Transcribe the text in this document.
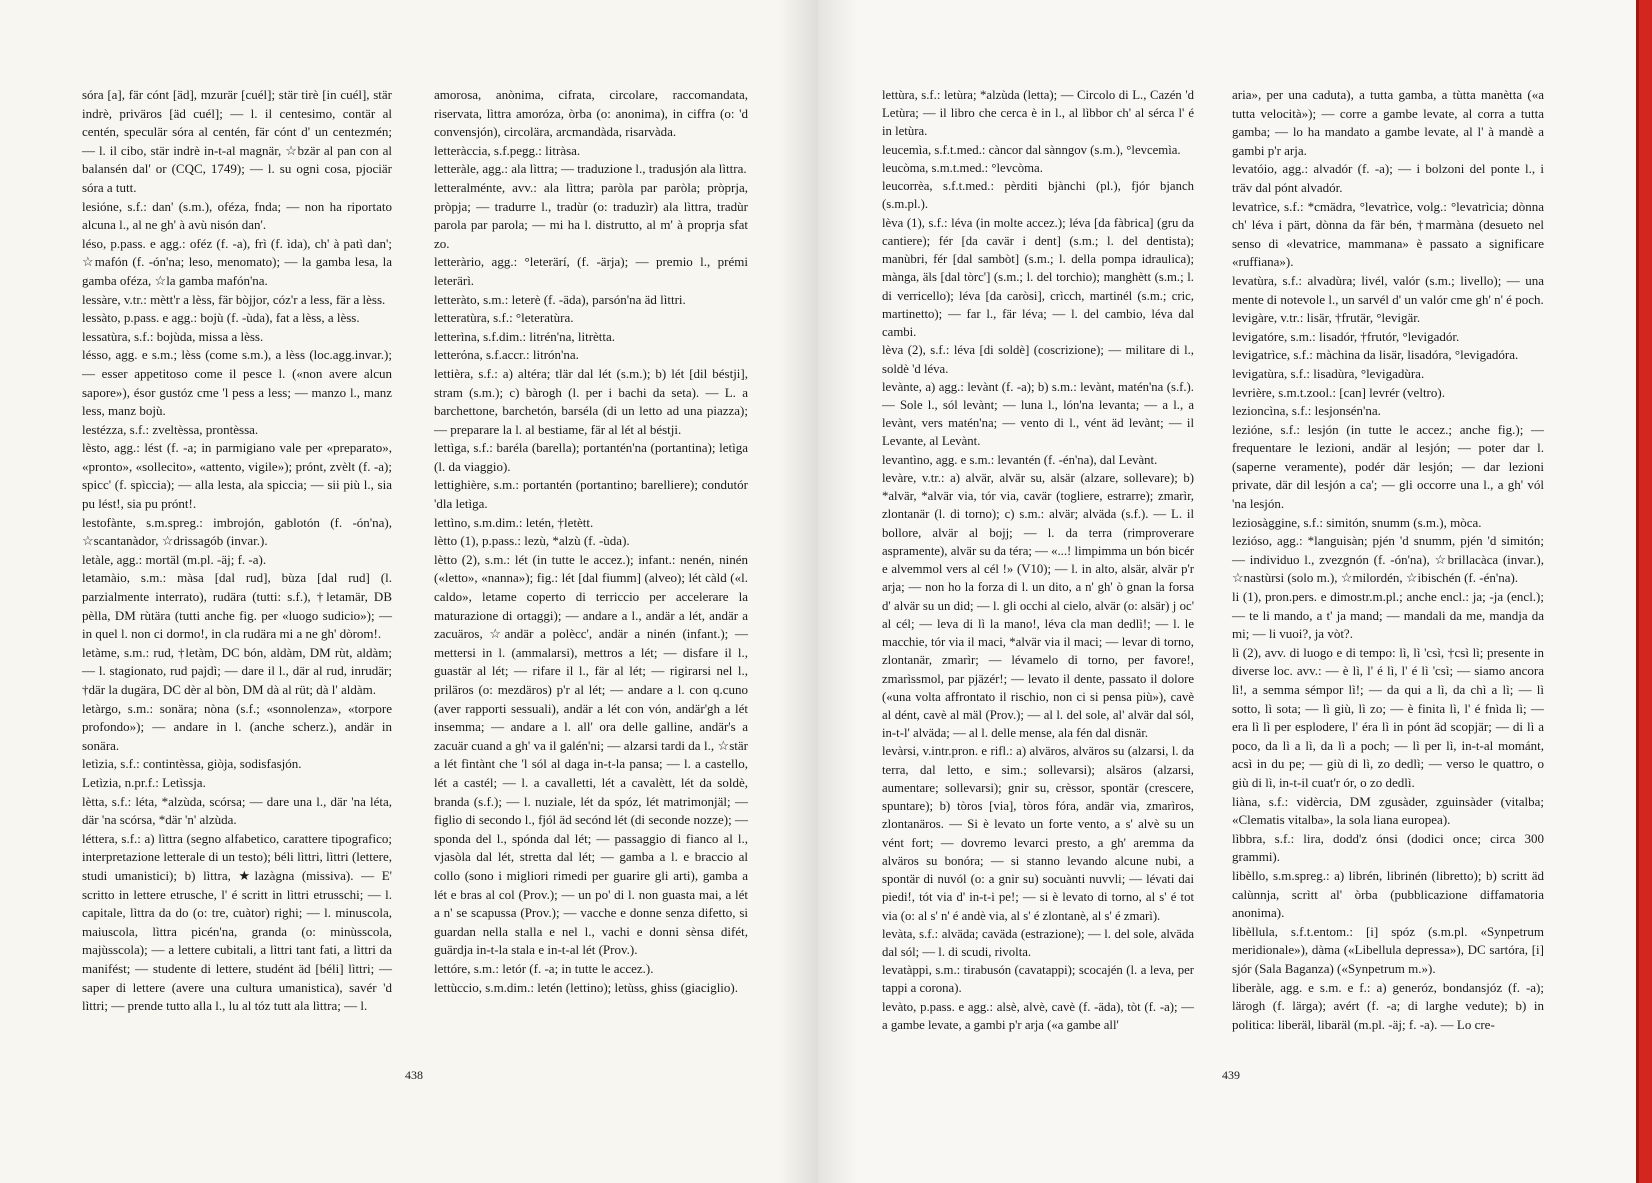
sóra [a], fär cónt [äd], mzurär [cuél]; stär tirè [in cuél], stär indrè, priväros [äd cuél]; — l. il centesimo, contär al centén, speculär sóra al centén, fär cónt d' un centezmén; — l. il cibo, stär indrè in-t-al magnär, ☆bzär al pan con al balansén dal' or (CQC, 1749); — l. su ogni cosa, pjociär sóra a tutt.

lesióne, s.f.: dan' (s.m.), oféza, fnda; — non ha riportato alcuna l., al ne gh' à avù nisón dan'.

léso, p.pass. e agg.: oféz (f. -a), frì (f. ìda), ch' à patì dan'; ☆mafón (f. -ón'na; leso, menomato); — la gamba lesa, la gamba oféza, ☆la gamba mafón'na.

lessàre, v.tr.: mètt'r a lèss, fär bòjjor, cóz'r a less, fär a lèss.

lessàto, p.pass. e agg.: bojù (f. -ùda), fat a lèss, a lèss.

lessatùra, s.f.: bojùda, missa a lèss.

lésso, agg. e s.m.; lèss (come s.m.), a lèss (loc.agg.invar.); — esser appetitoso come il pesce l. («non avere alcun sapore»), ésor gustóz cme 'l pess a less; — manzo l., manz less, manz bojù.

lestézza, s.f.: zveltèssa, prontèssa.

lèsto, agg.: lést (f. -a; in parmigiano vale per «preparato», «pronto», «sollecito», «attento, vigile»); prónt, zvèlt (f. -a); spicc' (f. spìccia); — alla lesta, ala spiccia; — sii più l., sia pu lést!, sia pu prónt!.

lestofànte, s.m.spreg.: imbrojón, gablotón (f. -ón'na), ☆scantanàdor, ☆drissagób (invar.).

letàle, agg.: mortäl (m.pl. -äj; f. -a).

letamàio, s.m.: màsa [dal rud], bùza [dal rud] (l. parzialmente interrato), rudära (tutti: s.f.), †letamär, DB pèlla, DM rùtära (tutti anche fig. per «luogo sudicio»); — in quel l. non ci dormo!, in cla rudära mi a ne gh' dòrom!.

letàme, s.m.: rud, †letàm, DC bón, aldàm, DM rùt, aldàm; — l. stagionato, rud pajdì; — dare il l., där al rud, inrudär; †där la dugära, DC dèr al bòn, DM dà al rüt; dà l' aldàm.

letàrgo, s.m.: sonära; nòna (s.f.; «sonnolenza», «torpore profondo»); — andare in l. (anche scherz.), andär in sonära.

letìzia, s.f.: contintèssa, giòja, sodisfasjón.

Letìzia, n.pr.f.: Letìssja.

lètta, s.f.: léta, *alzùda, scórsa; — dare una l., där 'na léta, där 'na scórsa, *där 'n' alzùda.

léttera, s.f.: a) lìttra (segno alfabetico, carattere tipografico; interpretazione letterale di un testo); béli lìttri, lìttri (lettere, studi umanistici); b) lìttra, ★lazàgna (missiva). — E' scritto in lettere etrusche, l' é scritt in lìttri etrusschi; — l. capitale, lìttra da do (o: tre, cuàtor) righi; — l. minuscola, maiuscola, lìttra picén'na, granda (o: minùsscola, majùsscola); — a lettere cubitali, a lìttri tant fati, a lìttri da manifést; — studente di lettere, studént äd [béli] lìttri; — saper di lettere (avere una cultura umanistica), savér 'd lìttri; — prende tutto alla l., lu al tóz tutt ala lìttra; — l.

amorosa, anònima, cifrata, circolare, raccomandata, riservata, lìttra amoróza, òrba (o: anonima), in ciffra (o: 'd convensjón), circolära, arcmandàda, risarvàda.

letteràccia, s.f.pegg.: litràsa.

letteràle, agg.: ala lìttra; — traduzione l., tradusjón ala lìttra.

letteralménte, avv.: ala lìttra; paròla par paròla; pròprja, pròpja; — tradurre l., tradùr (o: traduzìr) ala lìttra, tradùr parola par parola; — mi ha l. distrutto, al m' à proprja sfat zo.

letteràrio, agg.: °leterärí, (f. -ärja); — premio l., prémi leterärì.

letteràto, s.m.: leterè (f. -äda), parsón'na äd lìttri.

letteratùra, s.f.: °leteratùra.

letterìna, s.f.dim.: litrén'na, litrètta.

letterόna, s.f.accr.: litrón'na.

lettièra, s.f.: a) altéra; tlär dal lét (s.m.); b) lét [dil béstji], stram (s.m.); c) bàrogh (l. per i bachi da seta). — L. a barchettone, barchetón, barséla (di un letto ad una piazza); — preparare la l. al bestiame, fär al lét al béstji.

lettìga, s.f.: baréla (barella); portantén'na (portantina); letìga (l. da viaggio).

lettighière, s.m.: portantén (portantino; barelliere); condutór 'dla letìga.

lettìno, s.m.dim.: letén, †letètt.

lètto (1), p.pass.: lezù, *alzù (f. -ùda).

lètto (2), s.m.: lét (in tutte le accez.); infant.: nenén, ninén («letto», «nanna»); fig.: lét [dal fiumm] (alveo); lét càld («l. caldo», letame coperto di terriccio per accelerare la maturazione di ortaggi); — andare a l., andär a lét, andär a zacuäros, ☆andär a polècc', andär a ninén (infant.); — mettersi in l. (ammalarsi), mettros a lét; — disfare il l., guastär al lét; — rifare il l., fär al lét; — rigirarsi nel l., priläros (o: mezdäros) p'r al lét; — andare a l. con q.cuno (aver rapporti sessuali), andär a lét con vón, andär'gh a lét insemma; — andare a l. all' ora delle galline, andär's a zacuär cuand a gh' va il galén'ni; — alzarsi tardi da l., ☆stär a lét fìntànt che 'l sól al daga in-t-la pansa; — l. a castello, lét a castél; — l. a cavalletti, lét a cavalètt, lét da soldè, branda (s.f.); — l. nuziale, lét da spóz, lét matrimonjäl; — figlio di secondo l., fjól äd secónd lét (di seconde nozze); — sponda del l., spónda dal lét; — passaggio di fianco al l., vjasòla dal lét, stretta dal lét; — gamba a l. e braccio al collo (sono i migliori rimedi per guarire gli arti), gamba a lét e bras al col (Prov.); — un po' di l. non guasta mai, a lét a n' se scapussa (Prov.); — vacche e donne senza difetto, si guardan nella stalla e nel l., vachi e donni sènsa difét, guärdja in-t-la stala e in-t-al lét (Prov.).

lettóre, s.m.: letór (f. -a; in tutte le accez.).

lettùccio, s.m.dim.: letén (lettino); letùss, ghiss (giaciglio).

lettùra, s.f.: letùra; *alzùda (letta); — Circolo di L., Cazén 'd Letùra; — il libro che cerca è in l., al lìbbor ch' al sérca l' é in letùra.

leucemìa, s.f.t.med.: càncor dal sànngov (s.m.), °levcemìa.

leucòma, s.m.t.med.: °levcòma.

leucorrèa, s.f.t.med.: pèrditi bjànchi (pl.), fjór bjanch (s.m.pl.).

lèva (1), s.f.: léva (in molte accez.); léva [da fàbrica] (gru da cantiere); fér [da cavär i dent] (s.m.; l. del dentista); manùbri, fér [dal sambòt] (s.m.; l. della pompa idraulica); mànga, äls [dal tòrc'] (s.m.; l. del torchio); manghètt (s.m.; l. di verricello); léva [da caròsi], crìcch, martinél (s.m.; cric, martinetto); — far l., fär léva; — l. del cambio, léva dal cambi.

lèva (2), s.f.: léva [di soldè] (coscrizione); — militare di l., soldè 'd léva.

levànte, a) agg.: levànt (f. -a); b) s.m.: levànt, matén'na (s.f.). — Sole l., sól levànt; — luna l., lón'na levanta; — a l., a levànt, vers matén'na; — vento di l., vént äd levànt; — il Levante, al Levànt.

levantìno, agg. e s.m.: levantén (f. -én'na), dal Levànt.

levàre, v.tr.: a) alvär, alvär su, alsär (alzare, sollevare); b) *alvär, *alvär via, tór via, cavär (togliere, estrarre); zmarìr, zlontanär (l. di torno); c) s.m.: alvär; alväda (s.f.). — L. il bollore, alvär al bojj; — l. da terra (rimproverare aspramente), alvär su da téra; — «...! limpimma un bón bicér e alvemmol vers al cél !» (V10); — l. in alto, alsär, alvär p'r arja; — non ho la forza di l. un dito, a n' gh' ò gnan la forsa d' alvär su un did; — l. gli occhi al cielo, alvär (o: alsär) j oc' al cél; — leva di lì la mano!, léva cla man dedlì!; — l. le macchie, tór via il maci, *alvär via il maci; — levar di torno, zlontanär, zmarìr; — lévamelo di torno, per favore!, zmarìssmol, par pjäzér!; — levato il dente, passato il dolore («una volta affrontato il rischio, non ci si pensa più»), cavè al dént, cavè al mäl (Prov.); — al l. del sole, al' alvär dal sól, in-t-l' alväda; — al l. delle mense, ala fén dal disnär.

levàrsi, v.intr.pron. e rifl.: a) alväros, alväros su (alzarsi, l. da terra, dal letto, e sim.; sollevarsi); alsäros (alzarsi, aumentare; sollevarsi); gnir su, crèssor, spontär (crescere, spuntare); b) tòros [via], tòros fóra, andär via, zmarìros, zlontanäros. — Si è levato un forte vento, a s' alvè su un vént fort; — dovremo levarci presto, a gh' aremma da alväros su bonóra; — si stanno levando alcune nubi, a spontär di nuvól (o: a gnir su) socuànti nuvvli; — lévati dai piedi!, tót via d' in-t-i pe!; — si è levato di torno, al s' é tot via (o: al s' n' é andè via, al s' é zlontanè, al s' é zmarì).

levàta, s.f.: alväda; caväda (estrazione); — l. del sole, alväda dal sól; — l. di scudi, rivolta.

levatàppi, s.m.: tirabusón (cavatappi); scocajén (l. a leva, per tappi a corona).

levàto, p.pass. e agg.: alsè, alvè, cavè (f. -äda), tòt (f. -a); — a gambe levate, a gambi p'r arja («a gambe all'

aria», per una caduta), a tutta gamba, a tùtta manètta («a tutta velocità»); — corre a gambe levate, al corra a tutta gamba; — lo ha mandato a gambe levate, al l' à mandè a gambi p'r arja.

levatóio, agg.: alvadór (f. -a); — i bolzoni del ponte l., i träv dal pónt alvadór.

levatrìce, s.f.: *cmädra, °levatrìce, volg.: °levatrìcia; dònna ch' léva i pärt, dònna da fär bén, †marmàna (desueto nel senso di «levatrice, mammana» è passato a significare «ruffiana»).

levatùra, s.f.: alvadùra; livél, valór (s.m.; livello); — una mente di notevole l., un sarvél d' un valór cme gh' n' é poch.

levigàre, v.tr.: lisär, †frutär, °levigär.

levigatóre, s.m.: lisadór, †frutór, °levigadór.

levigatrìce, s.f.: màchina da lisär, lisadóra, °levigadóra.

levigatùra, s.f.: lisadùra, °levigadùra.

levrière, s.m.t.zool.: [can] levrér (veltro).

lezioncìna, s.f.: lesjonsén'na.

lezióne, s.f.: lesjón (in tutte le accez.; anche fig.); — frequentare le lezioni, andär al lesjón; — poter dar l. (saperne veramente), podér där lesjón; — dar lezioni private, där dil lesjón a ca'; — gli occorre una l., a gh' vól 'na lesjón.

leziosàggine, s.f.: simitón, snumm (s.m.), mòca.

lezióso, agg.: *languisàn; pjén 'd snumm, pjén 'd simitón; — individuo l., zvezgnón (f. -ón'na), ☆brillacàca (invar.), ☆nastùrsi (solo m.), ☆milordén, ☆ibischén (f. -én'na).

li (1), pron.pers. e dimostr.m.pl.; anche encl.: ja; -ja (encl.); — te li mando, a t' ja mand; — mandali da me, mandja da mi; — li vuoi?, ja vòt?.

lì (2), avv. di luogo e di tempo: lì, lì 'csì, †csì lì; presente in diverse loc. avv.: — è lì, l' é lì, l' é lì 'csì; — siamo ancora lì!, a semma sémpor lì!; — da qui a lì, da chì a lì; — lì sotto, lì sota; — lì giù, lì zo; — è finita lì, l' é fnìda lì; — era lì lì per esplodere, l' éra lì in pónt äd scopjär; — di lì a poco, da lì a lì, da lì a poch; — lì per lì, in-t-al mománt, acsì in du pe; — giù di lì, zo dedlì; — verso le quattro, o giù di lì, in-t-il cuat'r ór, o zo dedlì.

liàna, s.f.: vidèrcia, DM zgusàder, zguinsàder (vitalba; «Clematis vitalba», la sola liana europea).

lìbbra, s.f.: lira, dodd'z ónsi (dodici once; circa 300 grammi).

libèllo, s.m.spreg.: a) librén, librinén (libretto); b) scritt äd calùnnja, scrìtt al' òrba (pubblicazione diffamatoria anonima).

libèllula, s.f.t.entom.: [i] spóz (s.m.pl. «Synpetrum meridionale»), dàma («Libellula depressa»), DC sartóra, [i] sjór (Sala Baganza) («Synpetrum m.»).

liberàle, agg. e s.m. e f.: a) generóz, bondansjóz (f. -a); lärogh (f. lärga); avért (f. -a; di larghe vedute); b) in politica: liberäl, libaräl (m.pl. -äj; f. -a). — Lo cre-

438	439
